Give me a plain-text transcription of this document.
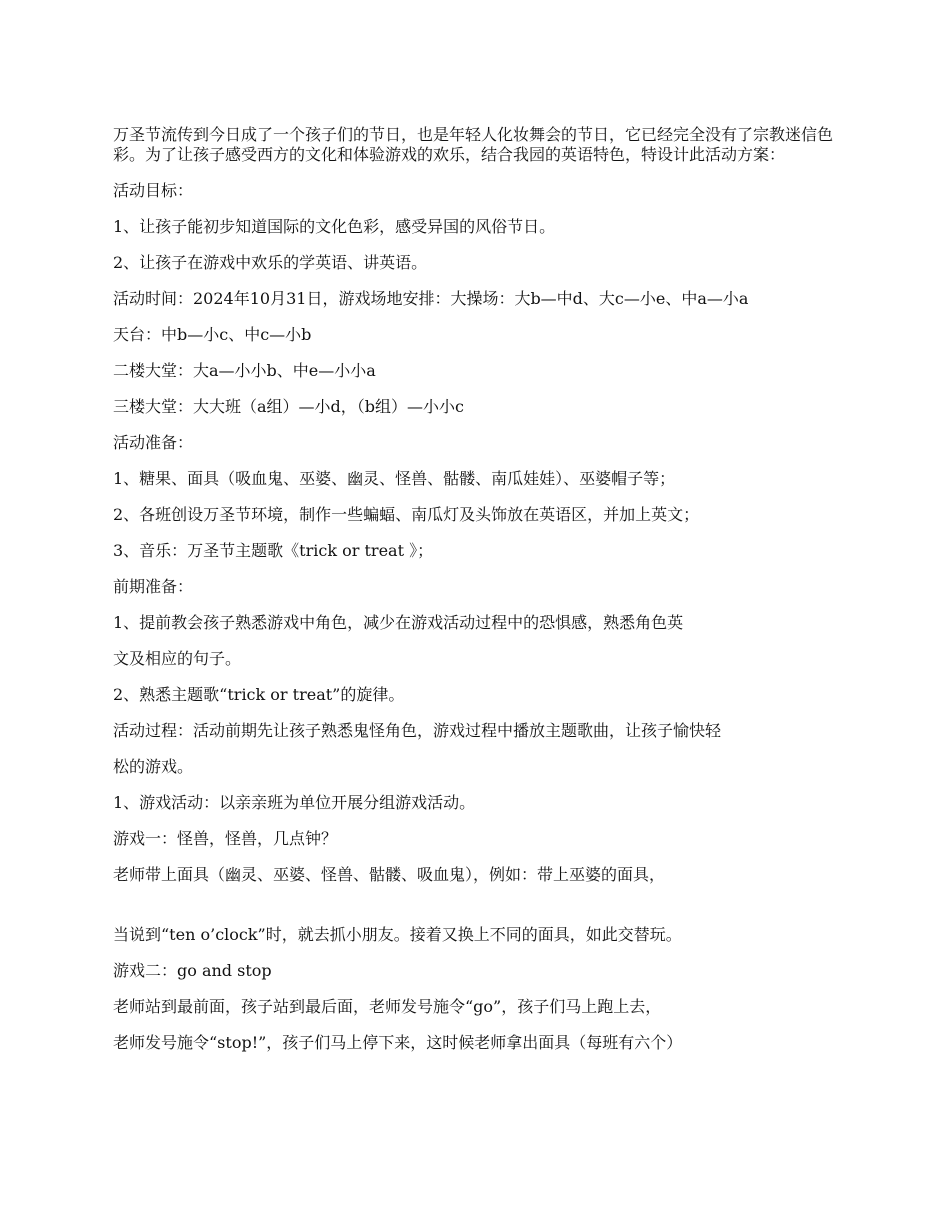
万圣节流传到今日成了一个孩子们的节日，也是年轻人化妆舞会的节日，它已经完全没有了宗教迷信色彩。为了让孩子感受西方的文化和体验游戏的欢乐，结合我园的英语特色，特设计此活动方案：

活动目标：

1、让孩子能初步知道国际的文化色彩，感受异国的风俗节日。

2、让孩子在游戏中欢乐的学英语、讲英语。

活动时间：2024年10月31日，游戏场地安排：大操场：大b—中d、大c—小e、中a—小a

天台：中b—小c、中c—小b

二楼大堂：大a—小小b、中e—小小a

三楼大堂：大大班（a组）—小d，（b组）—小小c

活动准备：

1、糖果、面具（吸血鬼、巫婆、幽灵、怪兽、骷髅、南瓜娃娃）、巫婆帽子等；

2、各班创设万圣节环境，制作一些蝙蝠、南瓜灯及头饰放在英语区，并加上英文；

3、音乐：万圣节主题歌《trick or treat 》；

前期准备：

1、提前教会孩子熟悉游戏中角色，减少在游戏活动过程中的恐惧感，熟悉角色英

文及相应的句子。

2、熟悉主题歌“trick or treat”的旋律。

活动过程：活动前期先让孩子熟悉鬼怪角色，游戏过程中播放主题歌曲，让孩子愉快轻

松的游戏。

1、游戏活动：以亲亲班为单位开展分组游戏活动。

游戏一：怪兽，怪兽，几点钟？

老师带上面具（幽灵、巫婆、怪兽、骷髅、吸血鬼），例如：带上巫婆的面具，

当说到“ten o’clock”时，就去抓小朋友。接着又换上不同的面具，如此交替玩。

游戏二：go and stop

老师站到最前面，孩子站到最后面，老师发号施令“go”，孩子们马上跑上去，

老师发号施令“stop!”，孩子们马上停下来，这时候老师拿出面具（每班有六个）
